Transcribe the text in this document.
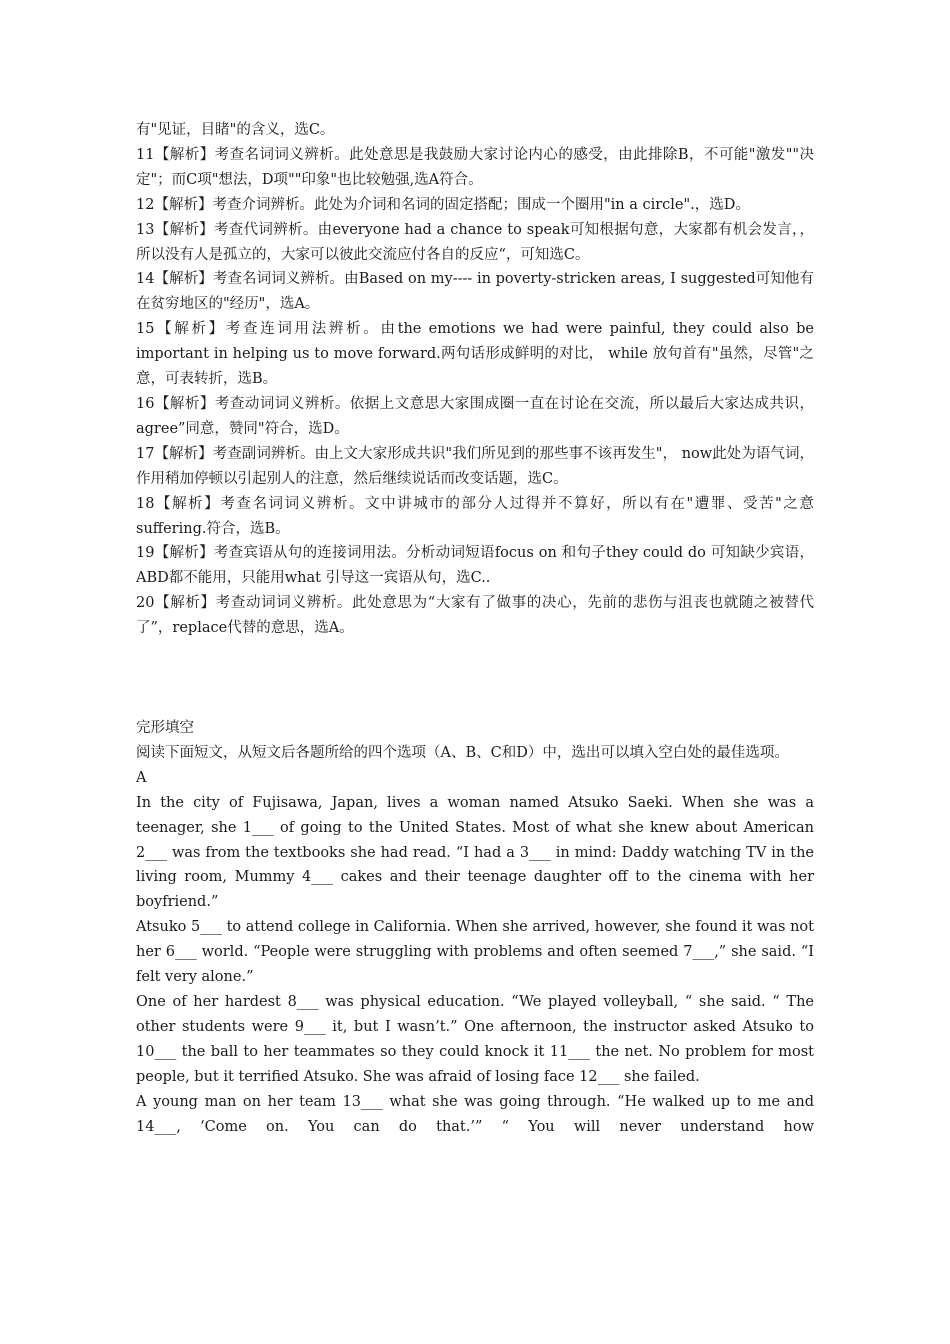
有"见证，目睹"的含义，选C。

11【解析】考查名词词义辨析。此处意思是我鼓励大家讨论内心的感受，由此排除B，不可能"激发""决定"；而C项"想法，D项""印象"也比较勉强,选A符合。

12【解析】考查介词辨析。此处为介词和名词的固定搭配；围成一个圈用"in a circle".，选D。

13【解析】考查代词辨析。由everyone had a chance to speak可知根据句意，大家都有机会发言，，所以没有人是孤立的，大家可以彼此交流应付各自的反应“，可知选C。

14【解析】考查名词词义辨析。由Based on my---- in poverty-stricken areas, I suggested可知他有在贫穷地区的"经历"，选A。

15【解析】考查连词用法辨析。由the emotions we had were painful, they could also be important in helping us to move forward.两句话形成鲜明的对比， while 放句首有"虽然，尽管"之意，可表转折，选B。

16【解析】考查动词词义辨析。依据上文意思大家围成圈一直在讨论在交流，所以最后大家达成共识，agree”同意，赞同"符合，选D。

17【解析】考查副词辨析。由上文大家形成共识"我们所见到的那些事不该再发生"， now此处为语气词，作用稍加停顿以引起别人的注意，然后继续说话而改变话题，选C。

18【解析】考查名词词义辨析。文中讲城市的部分人过得并不算好，所以有在"遭罪、受苦"之意suffering.符合，选B。

19【解析】考查宾语从句的连接词用法。分析动词短语focus on 和句子they could do 可知缺少宾语，ABD都不能用，只能用what 引导这一宾语从句，选C..

20【解析】考查动词词义辨析。此处意思为“大家有了做事的决心，先前的悲伤与沮丧也就随之被替代了”，replace代替的意思，选A。

完形填空

阅读下面短文，从短文后各题所给的四个选项（A、B、C和D）中，选出可以填入空白处的最佳选项。

A

In the city of Fujisawa, Japan, lives a woman named Atsuko Saeki. When she was a teenager, she 1___ of going to the United States. Most of what she knew about American 2___ was from the textbooks she had read. “I had a 3___ in mind: Daddy watching TV in the living room, Mummy 4___ cakes and their teenage daughter off to the cinema with her boyfriend.”

Atsuko 5___ to attend college in California. When she arrived, however, she found it was not her 6___ world. “People were struggling with problems and often seemed 7___,” she said. “I felt very alone.”

One of her hardest 8___ was physical education. “We played volleyball, “ she said. “ The other students were 9___ it, but I wasn’t.” One afternoon, the instructor asked Atsuko to 10___ the ball to her teammates so they could knock it 11___ the net. No problem for most people, but it terrified Atsuko. She was afraid of losing face 12___ she failed.

A young man on her team 13___ what she was going through. “He walked up to me and 14___, ‘Come on. You can do that.’” “ You will never understand how
